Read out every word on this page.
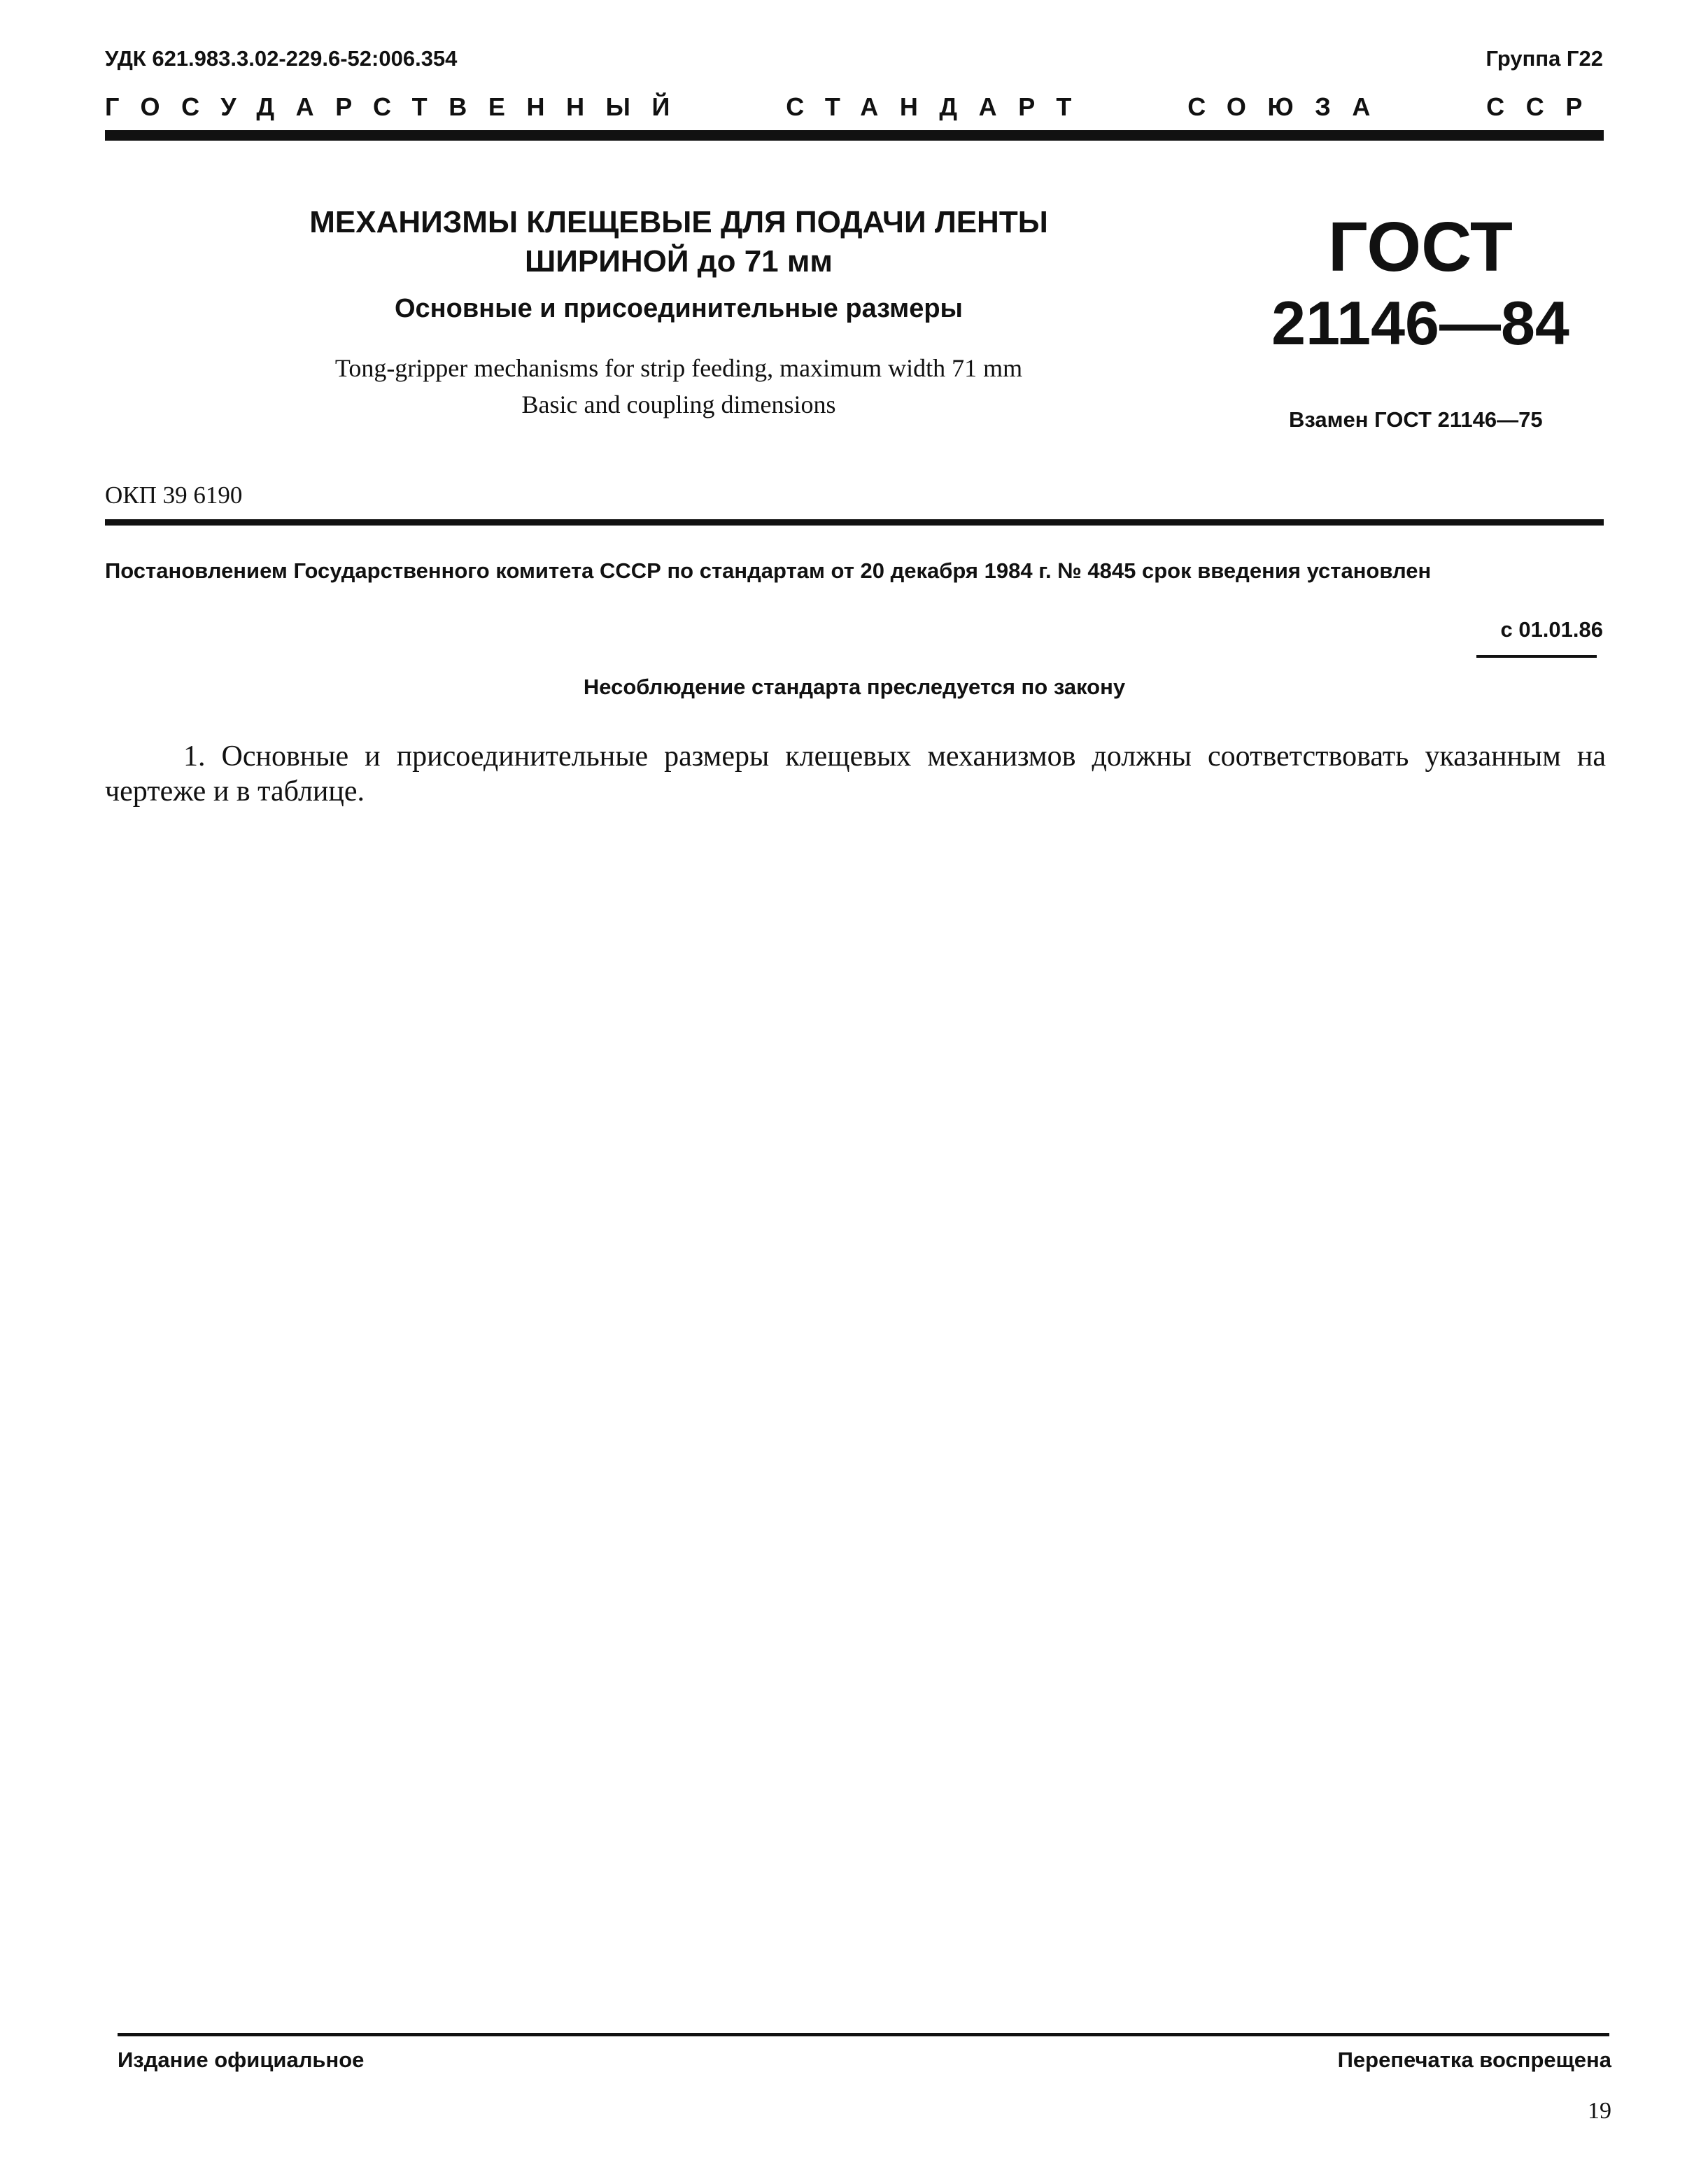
УДК 621.983.3.02-229.6-52:006.354	Группа Г22
ГОСУДАРСТВЕННЫЙ	СТАНДАРТ	СОЮЗА	ССР
МЕХАНИЗМЫ КЛЕЩЕВЫЕ ДЛЯ ПОДАЧИ ЛЕНТЫ
ШИРИНОЙ до 71 мм
Основные и присоединительные размеры
Tong-gripper mechanisms for strip feeding, maximum width 71 mm
Basic and coupling dimensions
ГОСТ
21146—84
Взамен ГОСТ 21146—75
ОКП 39 6190
Постановлением Государственного комитета СССР по стандартам от 20 декабря 1984 г. № 4845 срок введения установлен
с 01.01.86
Несоблюдение стандарта преследуется по закону
1. Основные и присоединительные размеры клещевых механизмов должны соответствовать указанным на чертеже и в таблице.
Издание официальное	Перепечатка воспрещена
19
